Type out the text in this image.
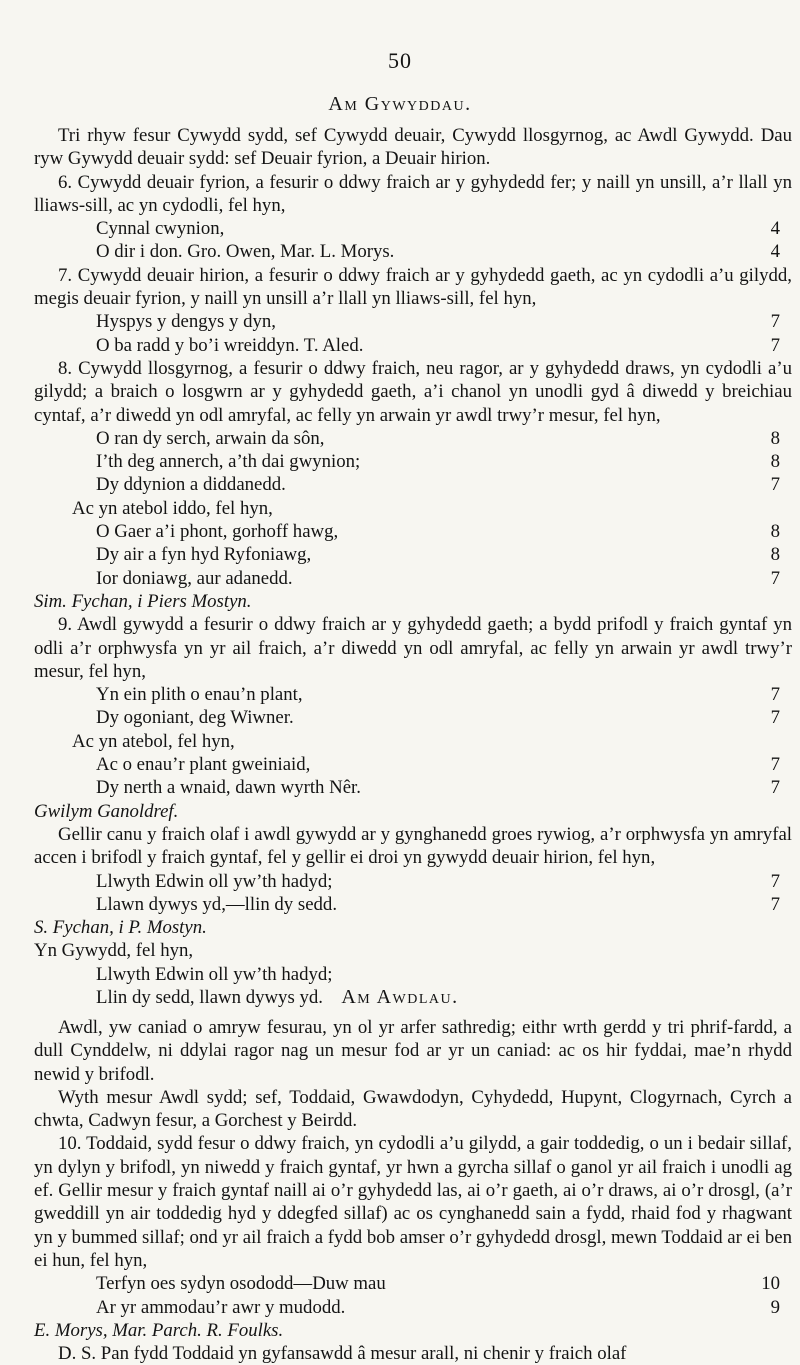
50
Am Gywyddau.

Tri rhyw fesur Cywydd sydd, sef Cywydd deuair, Cywydd llosgyrnog, ac Awdl Gywydd. Dau ryw Gywydd deuair sydd: sef Deuair fyrion, a Deuair hirion.

6. Cywydd deuair fyrion, a fesurir o ddwy fraich ar y gyhydedd fer; y naill yn unsill, a’r llall yn lliaws-sill, ac yn cydodli, fel hyn,

Cynnal cwynion,	4
O dir i don. Gro. Owen, Mar. L. Morys.	4

7. Cywydd deuair hirion, a fesurir o ddwy fraich ar y gyhydedd gaeth, ac yn cydodli a’u gilydd, megis deuair fyrion, y naill yn unsill a’r llall yn lliaws-sill, fel hyn,

Hyspys y dengys y dyn,	7
O ba radd y bo’i wreiddyn. T. Aled.	7

8. Cywydd llosgyrnog, a fesurir o ddwy fraich, neu ragor, ar y gyhydedd draws, yn cydodli a’u gilydd; a braich o losgwrn ar y gyhydedd gaeth, a’i chanol yn unodli gyd â diwedd y breichiau cyntaf, a’r diwedd yn odl amryfal, ac felly yn arwain yr awdl trwy’r mesur, fel hyn,

O ran dy serch, arwain da sôn,	8
I’th deg annerch, a’th dai gwynion;	8
Dy ddynion a diddanedd.	7
Ac yn atebol iddo, fel hyn,
O Gaer a’i phont, gorhoff hawg,	8
Dy air a fyn hyd Ryfoniawg,	8
Ior doniawg, aur adanedd.	7

Sim. Fychan, i Piers Mostyn.

9. Awdl gywydd a fesurir o ddwy fraich ar y gyhydedd gaeth; a bydd prifodl y fraich gyntaf yn odli a’r orphwysfa yn yr ail fraich, a’r diwedd yn odl amryfal, ac felly yn arwain yr awdl trwy’r mesur, fel hyn,

Yn ein plith o enau’n plant,	7
Dy ogoniant, deg Wiwner.	7
Ac yn atebol, fel hyn,
Ac o enau’r plant gweiniaid,	7
Dy nerth a wnaid, dawn wyrth Nêr.	7

Gwilym Ganoldref.

Gellir canu y fraich olaf i awdl gywydd ar y gynghanedd groes rywiog, a’r orphwysfa yn amryfal accen i brifodl y fraich gyntaf, fel y gellir ei droi yn gywydd deuair hirion, fel hyn,

Llwyth Edwin oll yw’th hadyd;	7
Llawn dywys yd,—llin dy sedd.	7

S. Fychan, i P. Mostyn.

Yn Gywydd, fel hyn,
Llwyth Edwin oll yw’th hadyd;
Llin dy sedd, llawn dywys yd. Am Awdlau.

Awdl, yw caniad o amryw fesurau, yn ol yr arfer sathredig; eithr wrth gerdd y tri phrif-fardd, a dull Cynddelw, ni ddylai ragor nag un mesur fod ar yr un caniad: ac os hir fyddai, mae’n rhydd newid y brifodl.

Wyth mesur Awdl sydd; sef, Toddaid, Gwawdodyn, Cyhydedd, Hupynt, Clogyrnach, Cyrch a chwta, Cadwyn fesur, a Gorchest y Beirdd.

10. Toddaid, sydd fesur o ddwy fraich, yn cydodli a’u gilydd, a gair toddedig, o un i bedair sillaf, yn dylyn y brifodl, yn niwedd y fraich gyntaf, yr hwn a gyrcha sillaf o ganol yr ail fraich i unodli ag ef. Gellir mesur y fraich gyntaf naill ai o’r gyhydedd las, ai o’r gaeth, ai o’r draws, ai o’r drosgl, (a’r gweddill yn air toddedig hyd y ddegfed sillaf) ac os cynghanedd sain a fydd, rhaid fod y rhagwant yn y bummed sillaf; ond yr ail fraich a fydd bob amser o’r gyhydedd drosgl, mewn Toddaid ar ei ben ei hun, fel hyn,

Terfyn oes sydyn osododd—Duw mau	10
Ar yr ammodau’r awr y mudodd.	9

E. Morys, Mar. Parch. R. Foulks.

D. S. Pan fydd Toddaid yn gyfansawdd â mesur arall, ni chenir y fraich olaf
